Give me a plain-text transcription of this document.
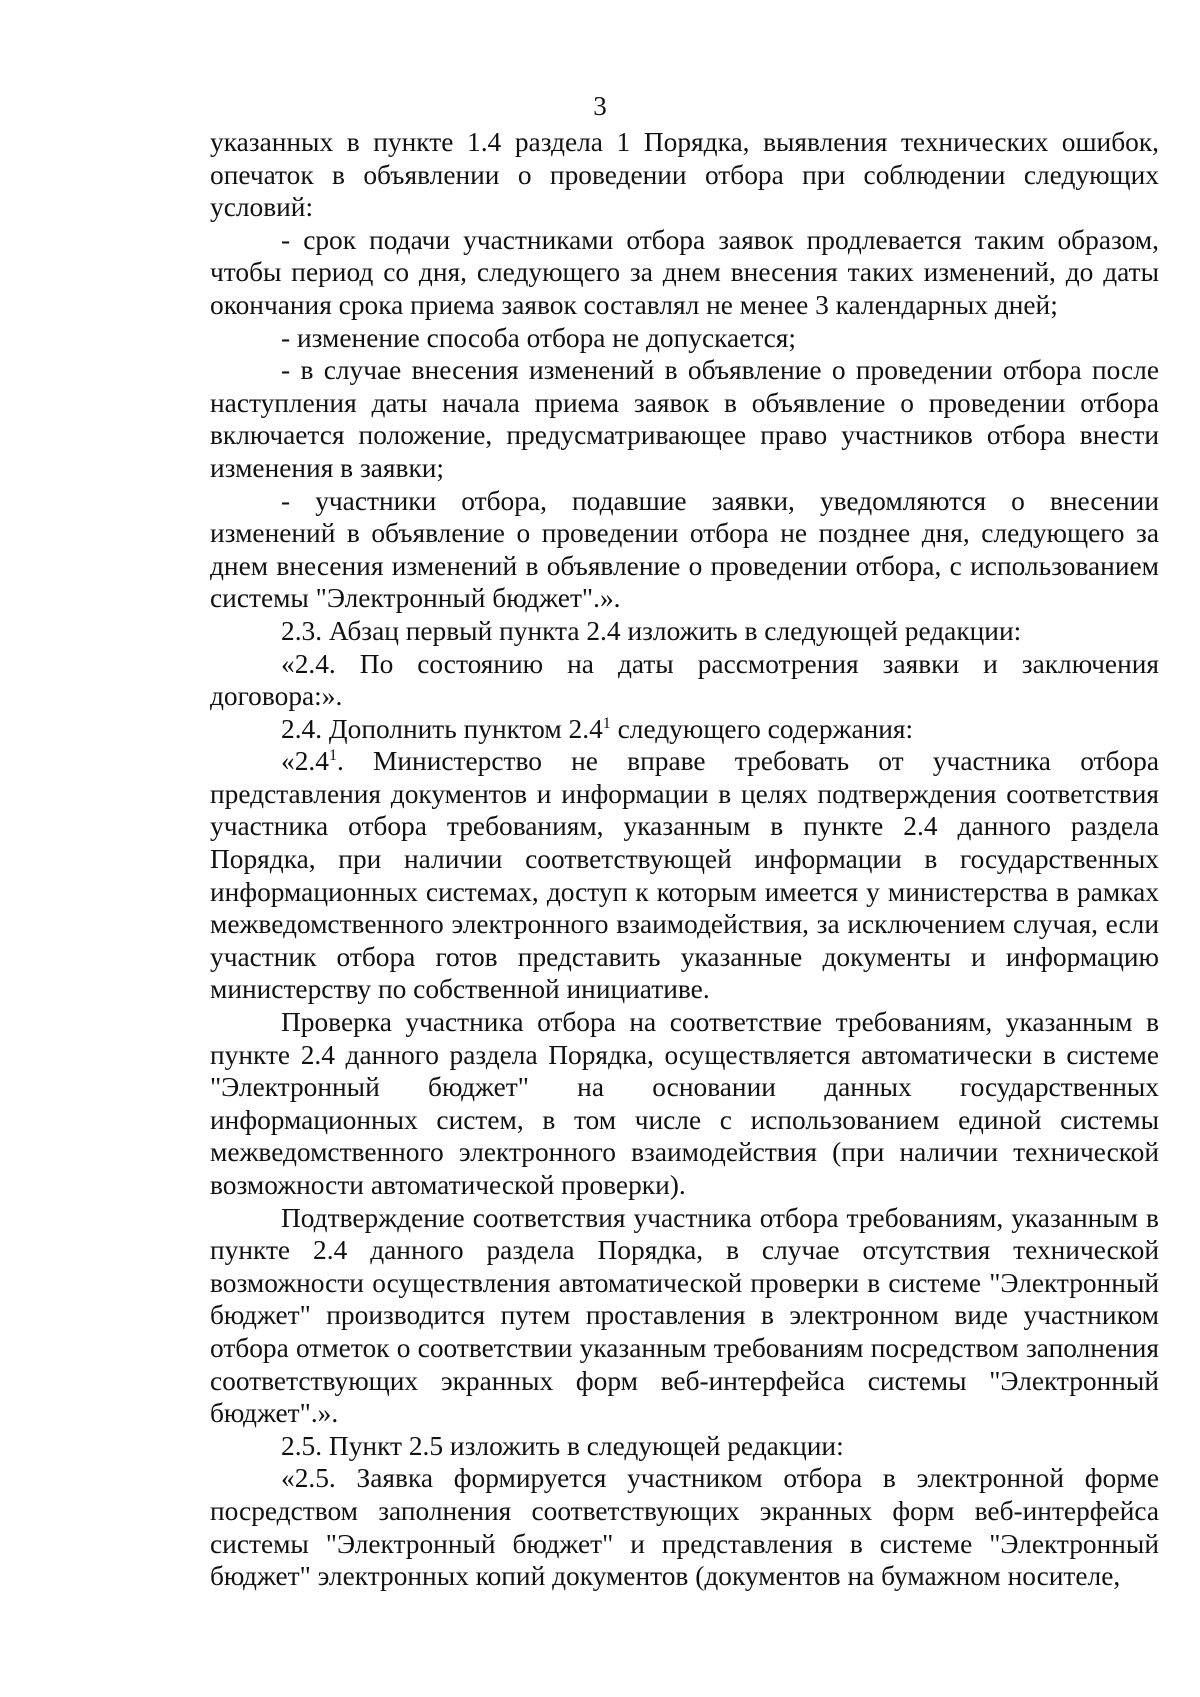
3

указанных в пункте 1.4 раздела 1 Порядка, выявления технических ошибок, опечаток в объявлении о проведении отбора при соблюдении следующих условий:

- срок подачи участниками отбора заявок продлевается таким образом, чтобы период со дня, следующего за днем внесения таких изменений, до даты окончания срока приема заявок составлял не менее 3 календарных дней;

- изменение способа отбора не допускается;

- в случае внесения изменений в объявление о проведении отбора после наступления даты начала приема заявок в объявление о проведении отбора включается положение, предусматривающее право участников отбора внести изменения в заявки;

- участники отбора, подавшие заявки, уведомляются о внесении изменений в объявление о проведении отбора не позднее дня, следующего за днем внесения изменений в объявление о проведении отбора, с использованием системы "Электронный бюджет".».

2.3. Абзац первый пункта 2.4 изложить в следующей редакции:

«2.4. По состоянию на даты рассмотрения заявки и заключения договора:».

2.4. Дополнить пунктом $2.4^1$ следующего содержания:

«$2.4^1$. Министерство не вправе требовать от участника отбора представления документов и информации в целях подтверждения соответствия участника отбора требованиям, указанным в пункте 2.4 данного раздела Порядка, при наличии соответствующей информации в государственных информационных системах, доступ к которым имеется у министерства в рамках межведомственного электронного взаимодействия, за исключением случая, если участник отбора готов представить указанные документы и информацию министерству по собственной инициативе.

Проверка участника отбора на соответствие требованиям, указанным в пункте 2.4 данного раздела Порядка, осуществляется автоматически в системе "Электронный бюджет" на основании данных государственных информационных систем, в том числе с использованием единой системы межведомственного электронного взаимодействия (при наличии технической возможности автоматической проверки).

Подтверждение соответствия участника отбора требованиям, указанным в пункте 2.4 данного раздела Порядка, в случае отсутствия технической возможности осуществления автоматической проверки в системе "Электронный бюджет" производится путем проставления в электронном виде участником отбора отметок о соответствии указанным требованиям посредством заполнения соответствующих экранных форм веб-интерфейса системы "Электронный бюджет".».

2.5. Пункт 2.5 изложить в следующей редакции:

«2.5. Заявка формируется участником отбора в электронной форме посредством заполнения соответствующих экранных форм веб-интерфейса системы "Электронный бюджет" и представления в системе "Электронный бюджет" электронных копий документов (документов на бумажном носителе,
